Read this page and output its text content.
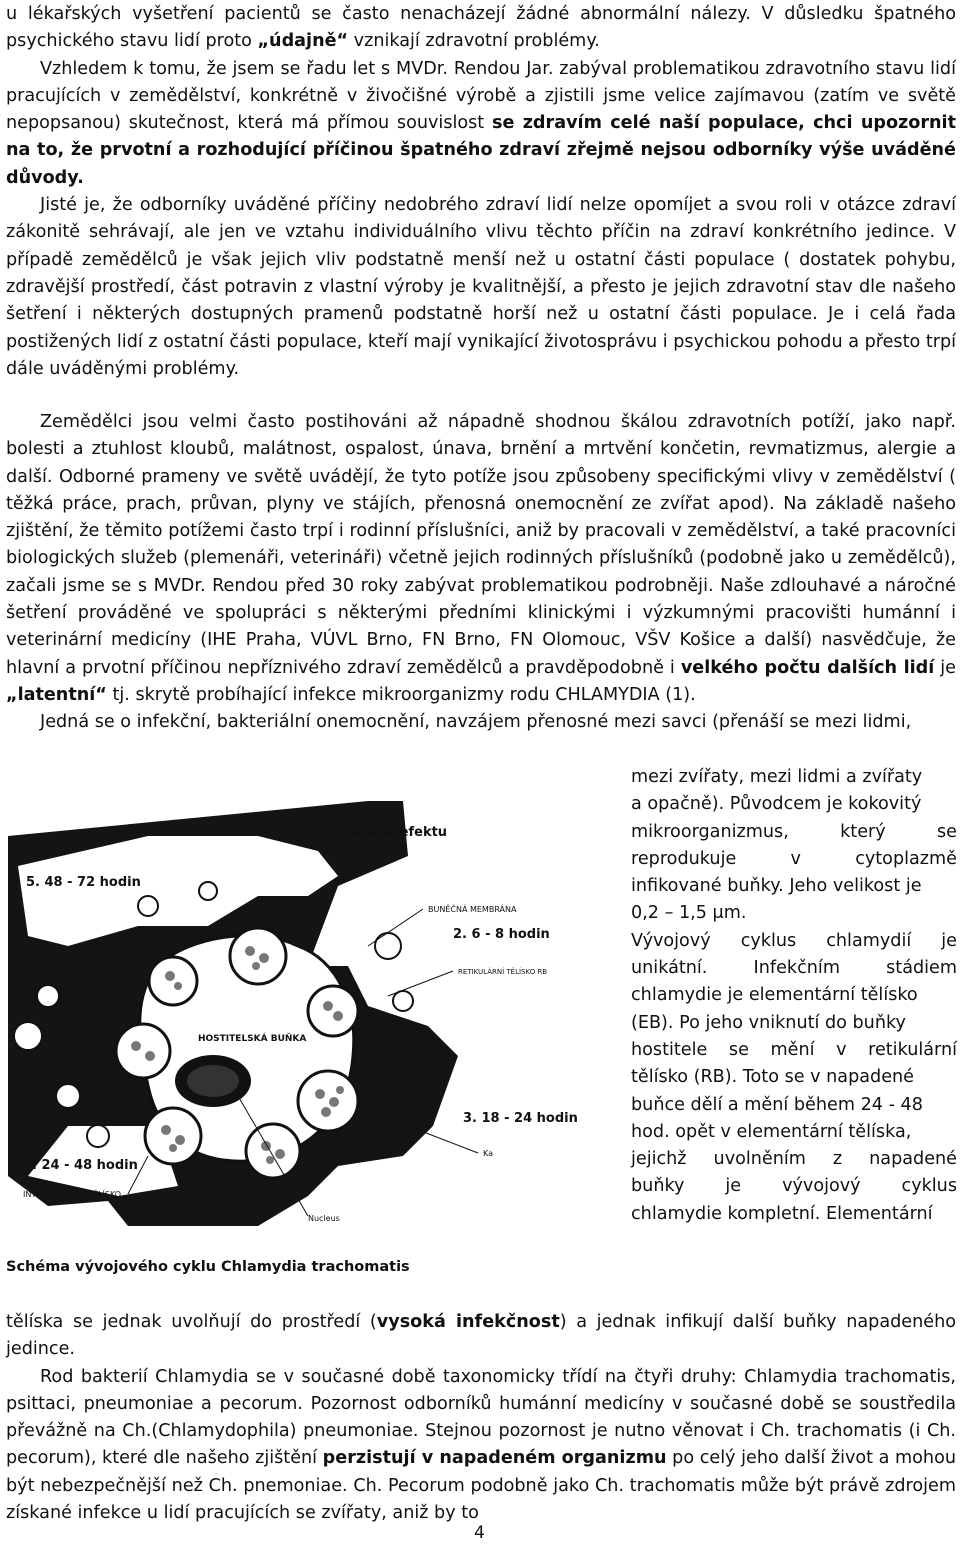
u lékařských vyšetření pacientů se často nenacházejí žádné abnormální nálezy. V důsledku špatného psychického stavu lidí proto „údajně“ vznikají zdravotní problémy.

Vzhledem k tomu, že jsem se řadu let s MVDr. Rendou Jar. zabýval problematikou zdravotního stavu lidí pracujících v zemědělství, konkrétně v živočišné výrobě a zjistili jsme velice zajímavou (zatím ve světě nepopsanou) skutečnost, která má přímou souvislost se zdravím celé naší populace, chci upozornit na to, že prvotní a rozhodující příčinou špatného zdraví zřejmě nejsou odborníky výše uváděné důvody.

Jisté je, že odborníky uváděné příčiny nedobrého zdraví lidí nelze opomíjet a svou roli v otázce zdraví zákonitě sehrávají, ale jen ve vztahu individuálního vlivu těchto příčin na zdraví konkrétního jedince. V případě zemědělců je však jejich vliv podstatně menší než u ostatní části populace ( dostatek pohybu, zdravější prostředí, část potravin z vlastní výroby je kvalitnější, a přesto je jejich zdravotní stav dle našeho šetření i některých dostupných pramenů podstatně horší než u ostatní části populace. Je i celá řada postižených lidí z ostatní části populace, kteří mají vynikající životosprávu i psychickou pohodu a přesto trpí dále uváděnými problémy.

Zemědělci jsou velmi často postihováni až nápadně shodnou škálou zdravotních potíží, jako např. bolesti a ztuhlost kloubů, malátnost, ospalost, únava, brnění a mrtvění končetin, revmatizmus, alergie a další. Odborné prameny ve světě uvádějí, že tyto potíže jsou způsobeny specifickými vlivy v zemědělství ( těžká práce, prach, průvan, plyny ve stájích, přenosná onemocnění ze zvířat apod). Na základě našeho zjištění, že těmito potížemi často trpí i rodinní příslušníci, aniž by pracovali v zemědělství, a také pracovníci biologických služeb (plemenáři, veterináři) včetně jejich rodinných příslušníků (podobně jako u zemědělců), začali jsme se s MVDr. Rendou před 30 roky zabývat problematikou podrobněji. Naše zdlouhavé a náročné šetření prováděné ve spolupráci s některými předními klinickými i výzkumnými pracovišti humánní i veterinární medicíny (IHE Praha, VÚVL Brno, FN Brno, FN Olomouc, VŠV Košice a další) nasvědčuje, že hlavní a prvotní příčinou nepříznivého zdraví zemědělců a pravděpodobně i velkého počtu dalších lidí je „latentní“ tj. skrytě probíhající infekce mikroorganizmy rodu CHLAMYDIA (1).

Jedná se o infekční, bakteriální onemocnění, navzájem přenosné mezi savci (přenáší se mezi lidmi,

mezi zvířaty, mezi lidmi a zvířaty
a opačně). Původcem je kokovitý
mikroorganizmus, který se
reprodukuje v cytoplazmě
infikované buňky. Jeho velikost je
0,2 – 1,5 μm.
Vývojový cyklus chlamydií je
unikátní. Infekčním stádiem
chlamydie je elementární tělísko
(EB). Po jeho vniknutí do buňky
hostitele se mění v retikulární
tělísko (RB). Toto se v napadené
buňce dělí a mění během 24 - 48
hod. opět v elementární tělíska,
jejichž uvolněním z napadené
buňky je vývojový cyklus
chlamydie kompletní. Elementární
5. 48 - 72 hodin
4. 24 - 48 hodin
INTERMEDIÁLNÍ TĚLÍSKO
EB
RB
HOSTITELSKÁ BUŇKA
1. Počátek efektu
PŘEMISTĚNÍ TĚLÍSKA EB
BUNĚČNÁ MEMBRÁNA
2. 6 - 8 hodin
RETIKULÁRNÍ TĚLÍSKO RB
3. 18 - 24 hodin
Ka
Nucleus
Schéma vývojového cyklu Chlamydia trachomatis

tělíska se jednak uvolňují do prostředí (vysoká infekčnost) a jednak infikují další buňky napadeného jedince.

Rod bakterií Chlamydia se v současné době taxonomicky třídí na čtyři druhy: Chlamydia trachomatis, psittaci, pneumoniae a pecorum. Pozornost odborníků humánní medicíny v současné době se soustředila převážně na Ch.(Chlamydophila) pneumoniae. Stejnou pozornost je nutno věnovat i Ch. trachomatis (i Ch. pecorum), které dle našeho zjištění perzistují v napadeném organizmu po celý jeho další život a mohou být nebezpečnější než Ch. pnemoniae. Ch. Pecorum podobně jako Ch. trachomatis může být právě zdrojem získané infekce u lidí pracujících se zvířaty, aniž by to

4
